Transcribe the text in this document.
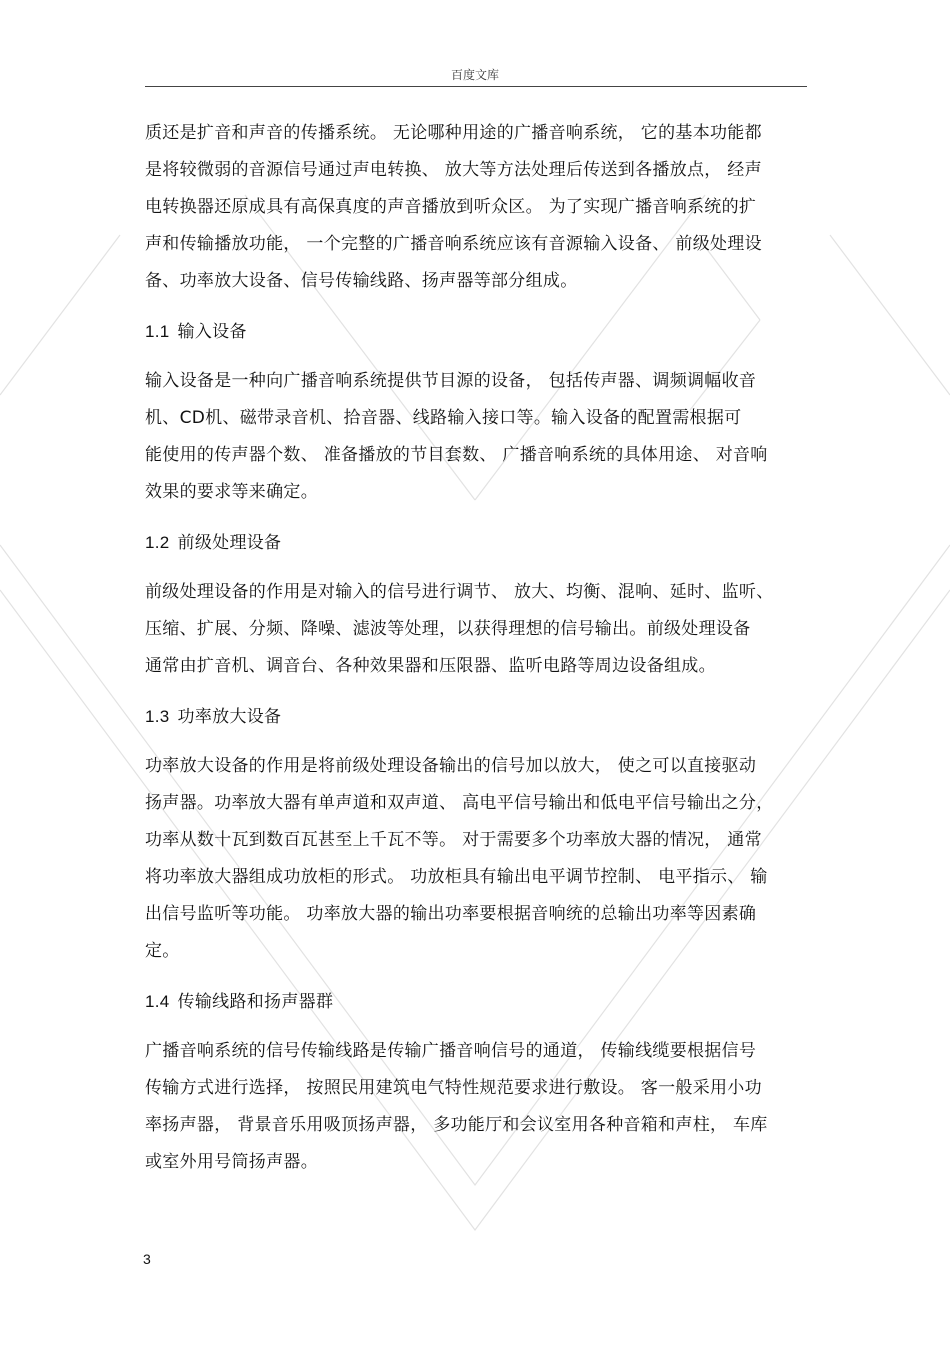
百度文库

质还是扩音和声音的传播系统。 无论哪种用途的广播音响系统， 它的基本功能都
是将较微弱的音源信号通过声电转换、 放大等方法处理后传送到各播放点， 经声
电转换器还原成具有高保真度的声音播放到听众区。 为了实现广播音响系统的扩
声和传输播放功能， 一个完整的广播音响系统应该有音源输入设备、 前级处理设
备、功率放大设备、信号传输线路、扬声器等部分组成。

1.1 输入设备

输入设备是一种向广播音响系统提供节目源的设备， 包括传声器、调频调幅收音
机、CD机、磁带录音机、拾音器、线路输入接口等。输入设备的配置需根据可
能使用的传声器个数、 准备播放的节目套数、 广播音响系统的具体用途、 对音响
效果的要求等来确定。

1.2 前级处理设备

前级处理设备的作用是对输入的信号进行调节、 放大、均衡、混响、延时、监听、
压缩、扩展、分频、降噪、滤波等处理，以获得理想的信号输出。前级处理设备
通常由扩音机、调音台、各种效果器和压限器、监听电路等周边设备组成。

1.3 功率放大设备

功率放大设备的作用是将前级处理设备输出的信号加以放大， 使之可以直接驱动
扬声器。功率放大器有单声道和双声道、 高电平信号输出和低电平信号输出之分，
功率从数十瓦到数百瓦甚至上千瓦不等。 对于需要多个功率放大器的情况， 通常
将功率放大器组成功放柜的形式。 功放柜具有输出电平调节控制、 电平指示、 输
出信号监听等功能。 功率放大器的输出功率要根据音响统的总输出功率等因素确
定。

1.4 传输线路和扬声器群

广播音响系统的信号传输线路是传输广播音响信号的通道， 传输线缆要根据信号
传输方式进行选择， 按照民用建筑电气特性规范要求进行敷设。 客一般采用小功
率扬声器， 背景音乐用吸顶扬声器， 多功能厅和会议室用各种音箱和声柱， 车库
或室外用号筒扬声器。

3
